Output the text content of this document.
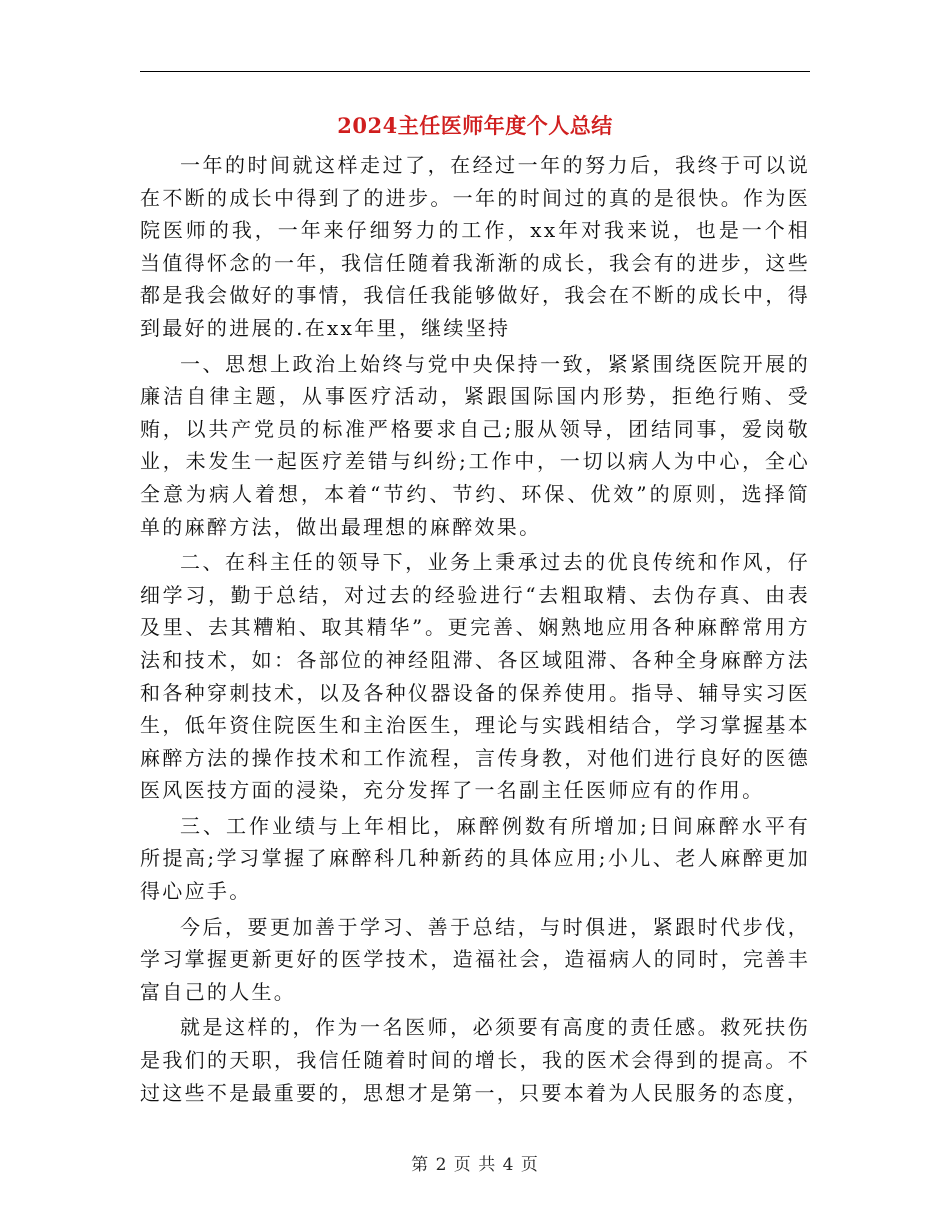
2024主任医师年度个人总结

一年的时间就这样走过了，在经过一年的努力后，我终于可以说在不断的成长中得到了的进步。一年的时间过的真的是很快。作为医院医师的我，一年来仔细努力的工作，xx年对我来说，也是一个相当值得怀念的一年，我信任随着我渐渐的成长，我会有的进步，这些都是我会做好的事情，我信任我能够做好，我会在不断的成长中，得到最好的进展的.在xx年里，继续坚持

一、思想上政治上始终与党中央保持一致，紧紧围绕医院开展的廉洁自律主题，从事医疗活动，紧跟国际国内形势，拒绝行贿、受贿，以共产党员的标准严格要求自己;服从领导，团结同事，爱岗敬业，未发生一起医疗差错与纠纷;工作中，一切以病人为中心，全心全意为病人着想，本着“节约、节约、环保、优效”的原则，选择简单的麻醉方法，做出最理想的麻醉效果。

二、在科主任的领导下，业务上秉承过去的优良传统和作风，仔细学习，勤于总结，对过去的经验进行“去粗取精、去伪存真、由表及里、去其糟粕、取其精华”。更完善、娴熟地应用各种麻醉常用方法和技术，如：各部位的神经阻滞、各区域阻滞、各种全身麻醉方法和各种穿刺技术，以及各种仪器设备的保养使用。指导、辅导实习医生，低年资住院医生和主治医生，理论与实践相结合，学习掌握基本麻醉方法的操作技术和工作流程，言传身教，对他们进行良好的医德医风医技方面的浸染，充分发挥了一名副主任医师应有的作用。

三、工作业绩与上年相比，麻醉例数有所增加;日间麻醉水平有所提高;学习掌握了麻醉科几种新药的具体应用;小儿、老人麻醉更加得心应手。

今后，要更加善于学习、善于总结，与时俱进，紧跟时代步伐，学习掌握更新更好的医学技术，造福社会，造福病人的同时，完善丰富自己的人生。

就是这样的，作为一名医师，必须要有高度的责任感。救死扶伤是我们的天职，我信任随着时间的增长，我的医术会得到的提高。不过这些不是最重要的，思想才是第一，只要本着为人民服务的态度，

第 2 页 共 4 页
